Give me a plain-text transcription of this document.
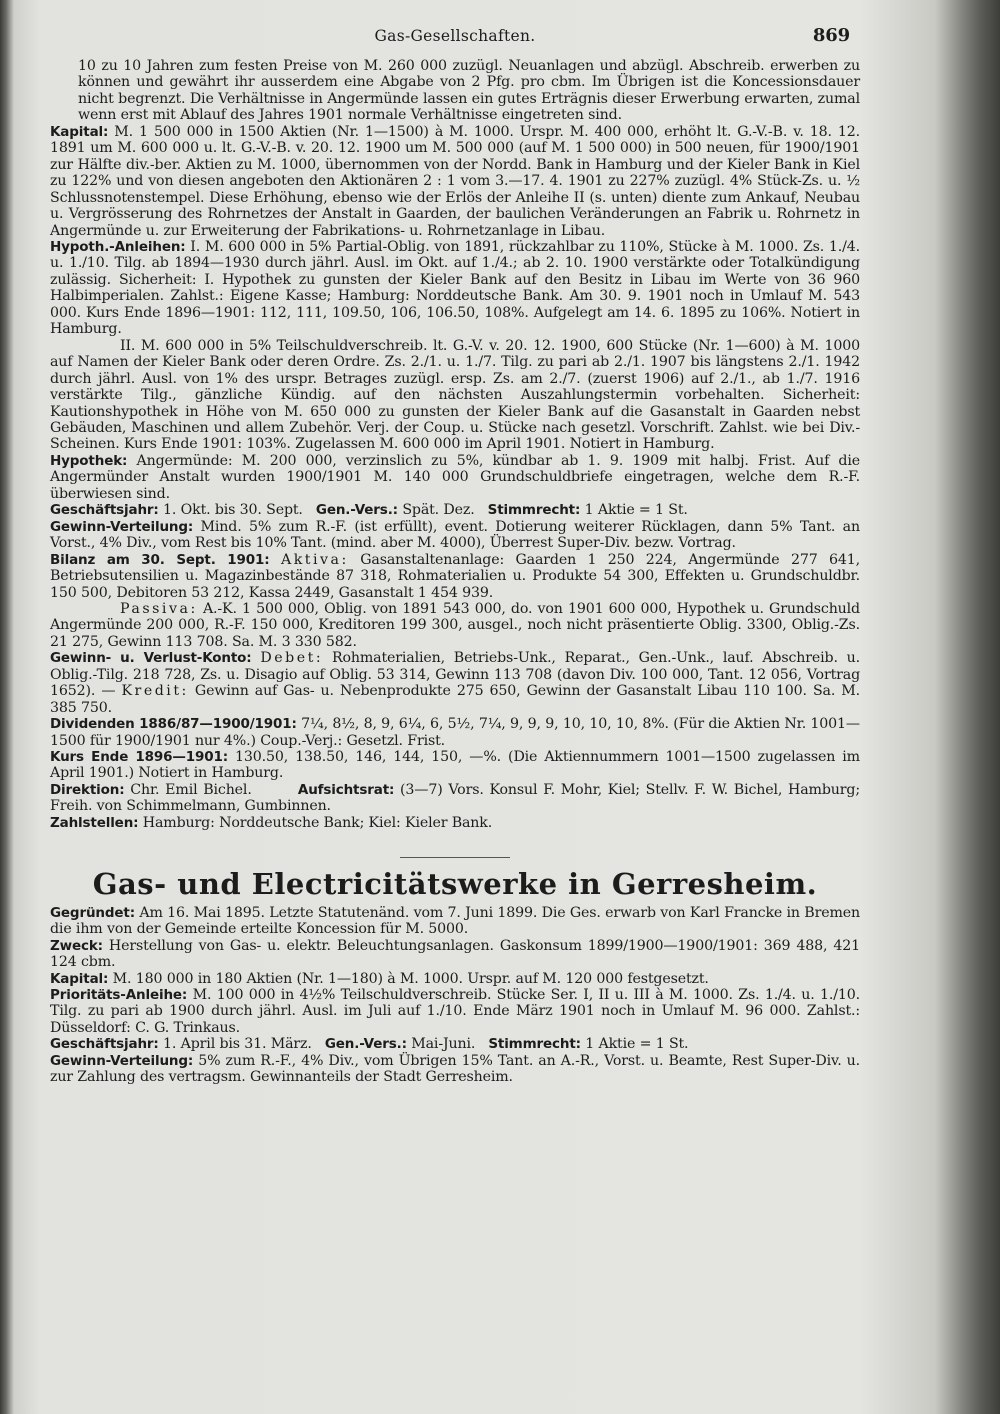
Gas-Gesellschaften.	869

10 zu 10 Jahren zum festen Preise von M. 260 000 zuzügl. Neuanlagen und abzügl. Abschreib. erwerben zu können und gewährt ihr ausserdem eine Abgabe von 2 Pfg. pro cbm. Im Übrigen ist die Koncessionsdauer nicht begrenzt. Die Verhältnisse in Angermünde lassen ein gutes Erträgnis dieser Erwerbung erwarten, zumal wenn erst mit Ablauf des Jahres 1901 normale Verhältnisse eingetreten sind.

Kapital: M. 1 500 000 in 1500 Aktien (Nr. 1—1500) à M. 1000. Urspr. M. 400 000, erhöht lt. G.-V.-B. v. 18. 12. 1891 um M. 600 000 u. lt. G.-V.-B. v. 20. 12. 1900 um M. 500 000 (auf M. 1 500 000) in 500 neuen, für 1900/1901 zur Hälfte div.-ber. Aktien zu M. 1000, übernommen von der Nordd. Bank in Hamburg und der Kieler Bank in Kiel zu 122% und von diesen angeboten den Aktionären 2 : 1 vom 3.—17. 4. 1901 zu 227% zuzügl. 4% Stück-Zs. u. ½ Schlussnotenstempel. Diese Erhöhung, ebenso wie der Erlös der Anleihe II (s. unten) diente zum Ankauf, Neubau u. Vergrösserung des Rohrnetzes der Anstalt in Gaarden, der baulichen Veränderungen an Fabrik u. Rohrnetz in Angermünde u. zur Erweiterung der Fabrikations- u. Rohrnetzanlage in Libau.

Hypoth.-Anleihen: I. M. 600 000 in 5% Partial-Oblig. von 1891, rückzahlbar zu 110%, Stücke à M. 1000. Zs. 1./4. u. 1./10. Tilg. ab 1894—1930 durch jährl. Ausl. im Okt. auf 1./4.; ab 2. 10. 1900 verstärkte oder Totalkündigung zulässig. Sicherheit: I. Hypothek zu gunsten der Kieler Bank auf den Besitz in Libau im Werte von 36 960 Halbimperialen. Zahlst.: Eigene Kasse; Hamburg: Norddeutsche Bank. Am 30. 9. 1901 noch in Umlauf M. 543 000. Kurs Ende 1896—1901: 112, 111, 109.50, 106, 106.50, 108%. Aufgelegt am 14. 6. 1895 zu 106%. Notiert in Hamburg.

II. M. 600 000 in 5% Teilschuldverschreib. lt. G.-V. v. 20. 12. 1900, 600 Stücke (Nr. 1—600) à M. 1000 auf Namen der Kieler Bank oder deren Ordre. Zs. 2./1. u. 1./7. Tilg. zu pari ab 2./1. 1907 bis längstens 2./1. 1942 durch jährl. Ausl. von 1% des urspr. Betrages zuzügl. ersp. Zs. am 2./7. (zuerst 1906) auf 2./1., ab 1./7. 1916 verstärkte Tilg., gänzliche Kündig. auf den nächsten Auszahlungstermin vorbehalten. Sicherheit: Kautionshypothek in Höhe von M. 650 000 zu gunsten der Kieler Bank auf die Gasanstalt in Gaarden nebst Gebäuden, Maschinen und allem Zubehör. Verj. der Coup. u. Stücke nach gesetzl. Vorschrift. Zahlst. wie bei Div.-Scheinen. Kurs Ende 1901: 103%. Zugelassen M. 600 000 im April 1901. Notiert in Hamburg.

Hypothek: Angermünde: M. 200 000, verzinslich zu 5%, kündbar ab 1. 9. 1909 mit halbj. Frist. Auf die Angermünder Anstalt wurden 1900/1901 M. 140 000 Grundschuldbriefe eingetragen, welche dem R.-F. überwiesen sind.

Geschäftsjahr: 1. Okt. bis 30. Sept. Gen.-Vers.: Spät. Dez. Stimmrecht: 1 Aktie = 1 St.

Gewinn-Verteilung: Mind. 5% zum R.-F. (ist erfüllt), event. Dotierung weiterer Rücklagen, dann 5% Tant. an Vorst., 4% Div., vom Rest bis 10% Tant. (mind. aber M. 4000), Überrest Super-Div. bezw. Vortrag.

Bilanz am 30. Sept. 1901: Aktiva: Gasanstaltenanlage: Gaarden 1 250 224, Angermünde 277 641, Betriebsutensilien u. Magazinbestände 87 318, Rohmaterialien u. Produkte 54 300, Effekten u. Grundschuldbr. 150 500, Debitoren 53 212, Kassa 2449, Gasanstalt 1 454 939.

Passiva: A.-K. 1 500 000, Oblig. von 1891 543 000, do. von 1901 600 000, Hypothek u. Grundschuld Angermünde 200 000, R.-F. 150 000, Kreditoren 199 300, ausgel., noch nicht präsentierte Oblig. 3300, Oblig.-Zs. 21 275, Gewinn 113 708. Sa. M. 3 330 582.

Gewinn- u. Verlust-Konto: Debet: Rohmaterialien, Betriebs-Unk., Reparat., Gen.-Unk., lauf. Abschreib. u. Oblig.-Tilg. 218 728, Zs. u. Disagio auf Oblig. 53 314, Gewinn 113 708 (davon Div. 100 000, Tant. 12 056, Vortrag 1652). — Kredit: Gewinn auf Gas- u. Nebenprodukte 275 650, Gewinn der Gasanstalt Libau 110 100. Sa. M. 385 750.

Dividenden 1886/87—1900/1901: 7¼, 8½, 8, 9, 6¼, 6, 5½, 7¼, 9, 9, 9, 10, 10, 10, 8%. (Für die Aktien Nr. 1001—1500 für 1900/1901 nur 4%.) Coup.-Verj.: Gesetzl. Frist.

Kurs Ende 1896—1901: 130.50, 138.50, 146, 144, 150, —%. (Die Aktiennummern 1001—1500 zugelassen im April 1901.) Notiert in Hamburg.

Direktion: Chr. Emil Bichel.	Aufsichtsrat: (3—7) Vors. Konsul F. Mohr, Kiel; Stellv. F. W. Bichel, Hamburg; Freih. von Schimmelmann, Gumbinnen.

Zahlstellen: Hamburg: Norddeutsche Bank; Kiel: Kieler Bank.

Gas- und Electricitätswerke in Gerresheim.

Gegründet: Am 16. Mai 1895. Letzte Statutenänd. vom 7. Juni 1899. Die Ges. erwarb von Karl Francke in Bremen die ihm von der Gemeinde erteilte Koncession für M. 5000.

Zweck: Herstellung von Gas- u. elektr. Beleuchtungsanlagen. Gaskonsum 1899/1900—1900/1901: 369 488, 421 124 cbm.

Kapital: M. 180 000 in 180 Aktien (Nr. 1—180) à M. 1000. Urspr. auf M. 120 000 festgesetzt.

Prioritäts-Anleihe: M. 100 000 in 4½% Teilschuldverschreib. Stücke Ser. I, II u. III à M. 1000. Zs. 1./4. u. 1./10. Tilg. zu pari ab 1900 durch jährl. Ausl. im Juli auf 1./10. Ende März 1901 noch in Umlauf M. 96 000. Zahlst.: Düsseldorf: C. G. Trinkaus.

Geschäftsjahr: 1. April bis 31. März. Gen.-Vers.: Mai-Juni. Stimmrecht: 1 Aktie = 1 St.

Gewinn-Verteilung: 5% zum R.-F., 4% Div., vom Übrigen 15% Tant. an A.-R., Vorst. u. Beamte, Rest Super-Div. u. zur Zahlung des vertragsm. Gewinnanteils der Stadt Gerresheim.
